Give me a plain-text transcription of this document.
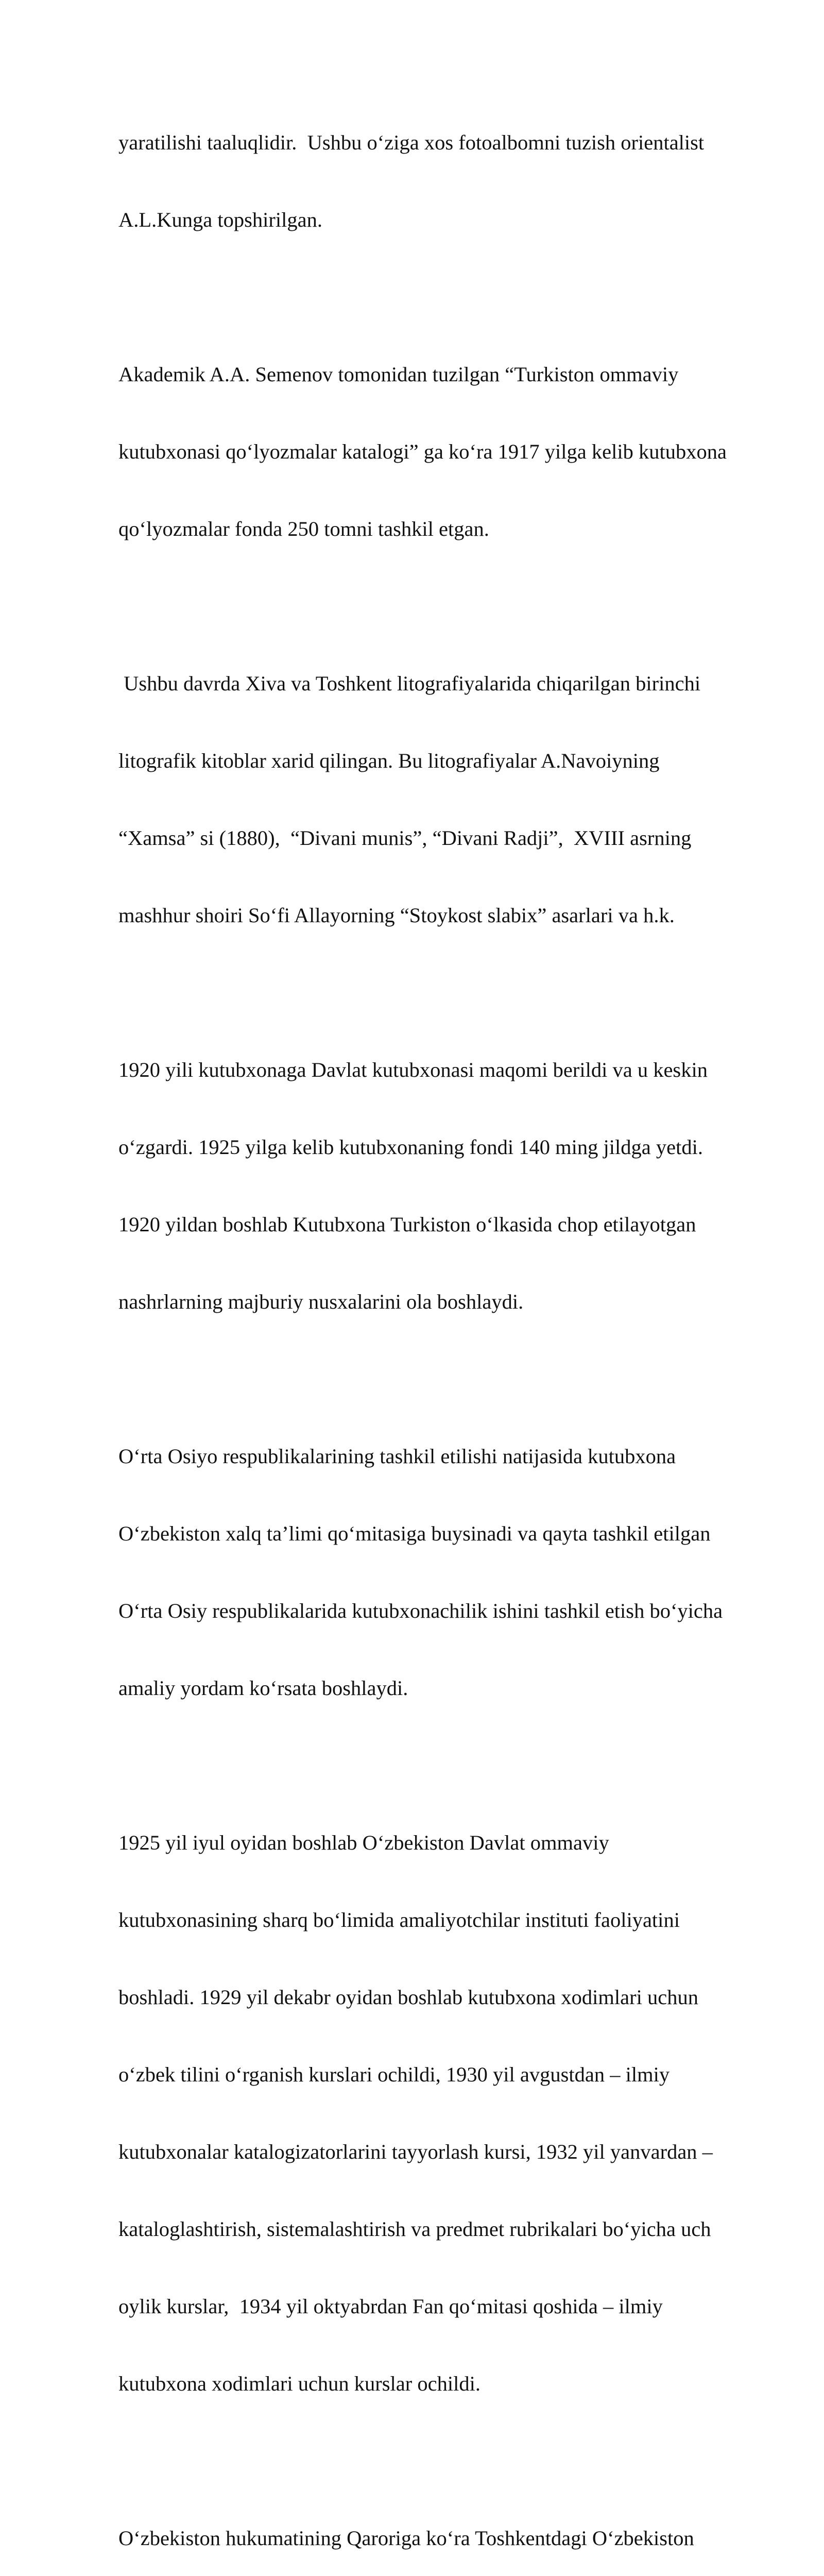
yaratilishi taaluqlidir.  Ushbu o‘ziga xos fotoalbomni tuzish orientalist

A.L.Kunga topshirilgan.

Akademik A.A. Semenov tomonidan tuzilgan “Turkiston ommaviy

kutubxonasi qo‘lyozmalar katalogi” ga ko‘ra 1917 yilga kelib kutubxona

qo‘lyozmalar fonda 250 tomni tashkil etgan.

Ushbu davrda Xiva va Toshkent litografiyalarida chiqarilgan birinchi

litografik kitoblar xarid qilingan. Bu litografiyalar A.Navoiyning

“Xamsa” si (1880),  “Divani munis”, “Divani Radji”,  XVIII asrning

mashhur shoiri So‘fi Allayorning “Stoykost slabix” asarlari va h.k.

1920 yili kutubxonaga Davlat kutubxonasi maqomi berildi va u keskin

o‘zgardi. 1925 yilga kelib kutubxonaning fondi 140 ming jildga yetdi.

1920 yildan boshlab Kutubxona Turkiston o‘lkasida chop etilayotgan

nashrlarning majburiy nusxalarini ola boshlaydi.

O‘rta Osiyo respublikalarining tashkil etilishi natijasida kutubxona

O‘zbekiston xalq ta’limi qo‘mitasiga buysinadi va qayta tashkil etilgan

O‘rta Osiy respublikalarida kutubxonachilik ishini tashkil etish bo‘yicha

amaliy yordam ko‘rsata boshlaydi.

1925 yil iyul oyidan boshlab O‘zbekiston Davlat ommaviy

kutubxonasining sharq bo‘limida amaliyotchilar instituti faoliyatini

boshladi. 1929 yil dekabr oyidan boshlab kutubxona xodimlari uchun

o‘zbek tilini o‘rganish kurslari ochildi, 1930 yil avgustdan – ilmiy

kutubxonalar katalogizatorlarini tayyorlash kursi, 1932 yil yanvardan –

kataloglashtirish, sistemalashtirish va predmet rubrikalari bo‘yicha uch

oylik kurslar,  1934 yil oktyabrdan Fan qo‘mitasi qoshida – ilmiy

kutubxona xodimlari uchun kurslar ochildi.

O‘zbekiston hukumatining Qaroriga ko‘ra Toshkentdagi O‘zbekiston
